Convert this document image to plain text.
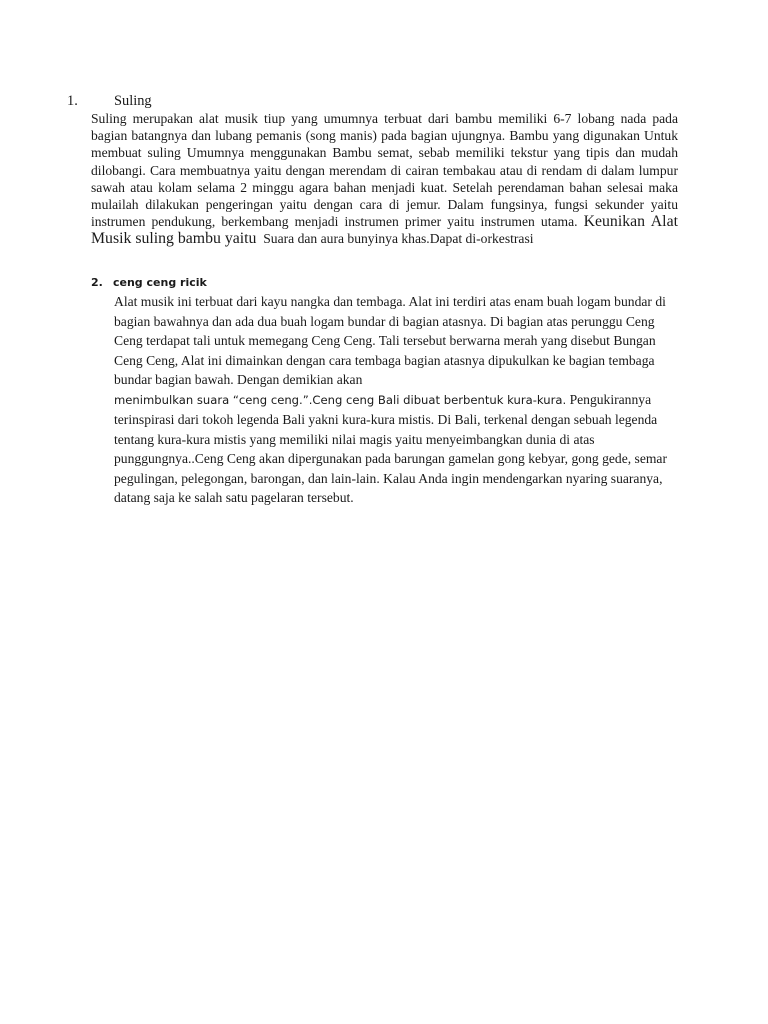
1.	Suling
Suling merupakan alat musik tiup yang umumnya terbuat dari bambu memiliki 6-7 lobang nada pada bagian batangnya dan lubang pemanis (song manis) pada bagian ujungnya. Bambu yang digunakan Untuk membuat suling Umumnya menggunakan Bambu semat, sebab memiliki tekstur yang tipis dan mudah dilobangi. Cara membuatnya yaitu dengan merendam di cairan tembakau atau di rendam di dalam lumpur sawah atau kolam selama 2 minggu agara bahan menjadi kuat. Setelah perendaman bahan selesai maka mulailah dilakukan pengeringan yaitu dengan cara di jemur. Dalam fungsinya, fungsi sekunder yaitu instrumen pendukung, berkembang menjadi instrumen primer yaitu instrumen utama. Keunikan Alat Musik suling bambu yaitu Suara dan aura bunyinya khas.Dapat di-orkestrasi
2. ceng ceng ricik
Alat musik ini terbuat dari kayu nangka dan tembaga. Alat ini terdiri atas enam buah logam bundar di bagian bawahnya dan ada dua buah logam bundar di bagian atasnya. Di bagian atas perunggu Ceng Ceng terdapat tali untuk memegang Ceng Ceng. Tali tersebut berwarna merah yang disebut Bungan Ceng Ceng, Alat ini dimainkan dengan cara tembaga bagian atasnya dipukulkan ke bagian tembaga bundar bagian bawah. Dengan demikian akan
menimbulkan suara “ceng ceng.”.Ceng ceng Bali dibuat berbentuk kura-kura. Pengukirannya terinspirasi dari tokoh legenda Bali yakni kura-kura mistis. Di Bali, terkenal dengan sebuah legenda tentang kura-kura mistis yang memiliki nilai magis yaitu menyeimbangkan dunia di atas punggungnya..Ceng Ceng akan dipergunakan pada barungan gamelan gong kebyar, gong gede, semar pegulingan, pelegongan, barongan, dan lain-lain. Kalau Anda ingin mendengarkan nyaring suaranya, datang saja ke salah satu pagelaran tersebut.
